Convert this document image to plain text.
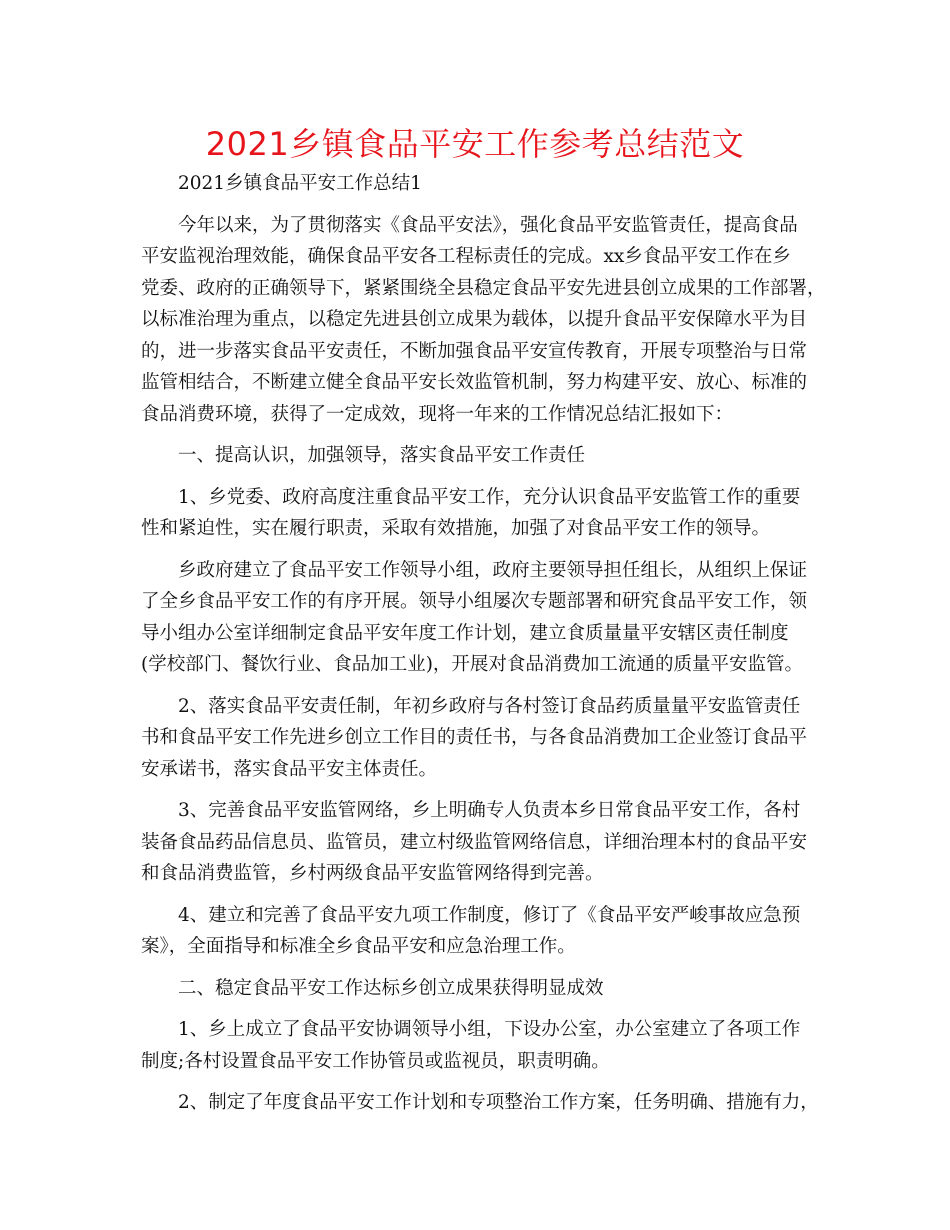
2021乡镇食品平安工作参考总结范文

　　2021乡镇食品平安工作总结1

　　今年以来，为了贯彻落实《食品平安法》，强化食品平安监管责任，提高食品
平安监视治理效能，确保食品平安各工程标责任的完成。xx乡食品平安工作在乡
党委、政府的正确领导下，紧紧围绕全县稳定食品平安先进县创立成果的工作部署，
以标准治理为重点，以稳定先进县创立成果为载体，以提升食品平安保障水平为目
的，进一步落实食品平安责任，不断加强食品平安宣传教育，开展专项整治与日常
监管相结合，不断建立健全食品平安长效监管机制，努力构建平安、放心、标准的
食品消费环境，获得了一定成效，现将一年来的工作情况总结汇报如下：

　　一、提高认识，加强领导，落实食品平安工作责任

　　1、乡党委、政府高度注重食品平安工作，充分认识食品平安监管工作的重要
性和紧迫性，实在履行职责，采取有效措施，加强了对食品平安工作的领导。

　　乡政府建立了食品平安工作领导小组，政府主要领导担任组长，从组织上保证
了全乡食品平安工作的有序开展。领导小组屡次专题部署和研究食品平安工作，领
导小组办公室详细制定食品平安年度工作计划，建立食质量量平安辖区责任制度
(学校部门、餐饮行业、食品加工业)，开展对食品消费加工流通的质量平安监管。

　　2、落实食品平安责任制，年初乡政府与各村签订食品药质量量平安监管责任
书和食品平安工作先进乡创立工作目的责任书，与各食品消费加工企业签订食品平
安承诺书，落实食品平安主体责任。

　　3、完善食品平安监管网络，乡上明确专人负责本乡日常食品平安工作，各村
装备食品药品信息员、监管员，建立村级监管网络信息，详细治理本村的食品平安
和食品消费监管，乡村两级食品平安监管网络得到完善。

　　4、建立和完善了食品平安九项工作制度，修订了《食品平安严峻事故应急预
案》，全面指导和标准全乡食品平安和应急治理工作。

　　二、稳定食品平安工作达标乡创立成果获得明显成效

　　1、乡上成立了食品平安协调领导小组，下设办公室，办公室建立了各项工作
制度;各村设置食品平安工作协管员或监视员，职责明确。

　　2、制定了年度食品平安工作计划和专项整治工作方案，任务明确、措施有力，
